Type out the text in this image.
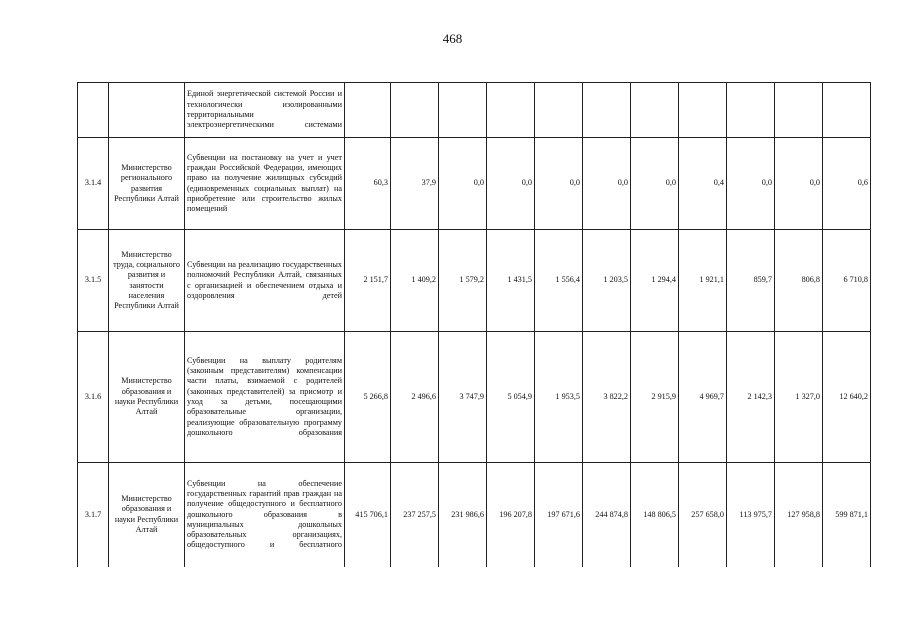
468
		Единой энергетической системой России и технологически изолированными территориальными электроэнергетическими системами											
3.1.4	Министерство регионального развития Республики Алтай	Субвенции на постановку на учет и учет граждан Российской Федерации, имеющих право на получение жилищных субсидий (единовременных социальных выплат) на приобретение или строительство жилых помещений	60,3	37,9	0,0	0,0	0,0	0,0	0,0	0,4	0,0	0,0	0,6
3.1.5	Министерство труда, социального развития и занятости населения Республики Алтай	Субвенции на реализацию государственных полномочий Республики Алтай, связанных с организацией и обеспечением отдыха и оздоровления детей	2 151,7	1 409,2	1 579,2	1 431,5	1 556,4	1 203,5	1 294,4	1 921,1	859,7	806,8	6 710,8
3.1.6	Министерство образования и науки Республики Алтай	Субвенции на выплату родителям (законным представителям) компенсации части платы, взимаемой с родителей (законных представителей) за присмотр и уход за детьми, посещающими образовательные организации, реализующие образовательную программу дошкольного образования	5 266,8	2 496,6	3 747,9	5 054,9	1 953,5	3 822,2	2 915,9	4 969,7	2 142,3	1 327,0	12 640,2
3.1.7	Министерство образования и науки Республики Алтай	Субвенции на обеспечение государственных гарантий прав граждан на получение общедоступного и бесплатного дошкольного образования в муниципальных дошкольных образовательных организациях, общедоступного и бесплатного	415 706,1	237 257,5	231 986,6	196 207,8	197 671,6	244 874,8	148 806,5	257 658,0	113 975,7	127 958,8	599 871,1
